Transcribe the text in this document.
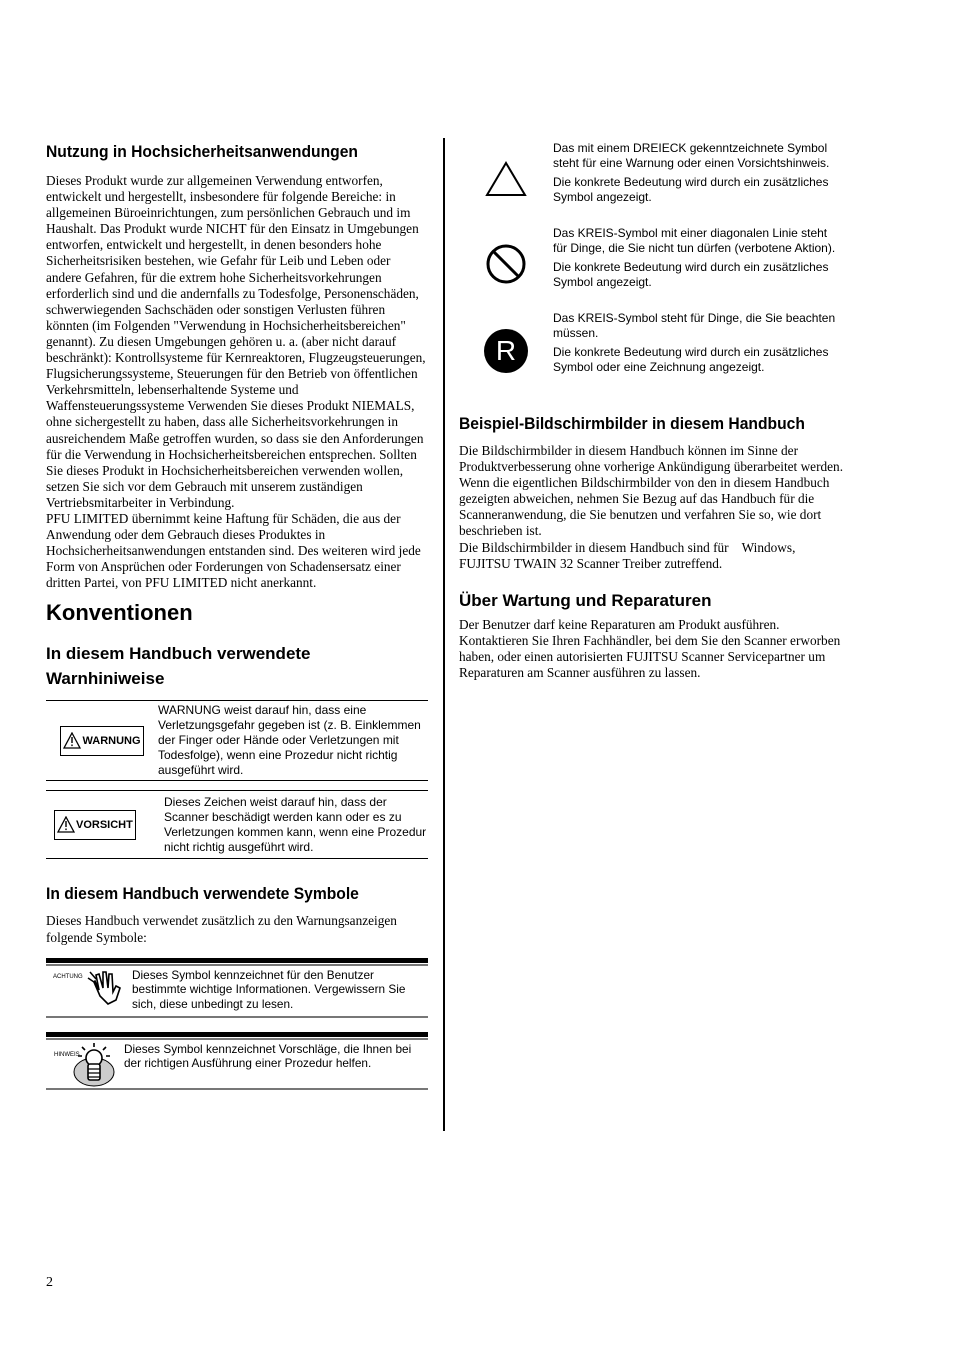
Nutzung in Hochsicherheitsanwendungen

Dieses Produkt wurde zur allgemeinen Verwendung entworfen, entwickelt und hergestellt, insbesondere für folgende Bereiche: in allgemeinen Büroeinrichtungen, zum persönlichen Gebrauch und im Haushalt. Das Produkt wurde NICHT für den Einsatz in Umgebungen entworfen, entwickelt und hergestellt, in denen besonders hohe Sicherheitsrisiken bestehen, wie Gefahr für Leib und Leben oder andere Gefahren, für die extrem hohe Sicherheitsvorkehrungen erforderlich sind und die andernfalls zu Todesfolge, Personenschäden, schwerwiegenden Sachschäden oder sonstigen Verlusten führen könnten (im Folgenden "Verwendung in Hochsicherheitsbereichen" genannt). Zu diesen Umgebungen gehören u. a. (aber nicht darauf beschränkt): Kontrollsysteme für Kernreaktoren, Flugzeugsteuerungen, Flugsicherungssysteme, Steuerungen für den Betrieb von öffentlichen Verkehrsmitteln, lebenserhaltende Systeme und Waffensteuerungssysteme Verwenden Sie dieses Produkt NIEMALS, ohne sichergestellt zu haben, dass alle Sicherheitsvorkehrungen in ausreichendem Maße getroffen wurden, so dass sie den Anforderungen für die Verwendung in Hochsicherheitsbereichen entsprechen. Sollten Sie dieses Produkt in Hochsicherheitsbereichen verwenden wollen, setzen Sie sich vor dem Gebrauch mit unserem zuständigen Vertriebsmitarbeiter in Verbindung.

PFU LIMITED übernimmt keine Haftung für Schäden, die aus der Anwendung oder dem Gebrauch dieses Produktes in Hochsicherheitsanwendungen entstanden sind. Des weiteren wird jede Form von Ansprüchen oder Forderungen von Schadensersatz einer dritten Partei, von PFU LIMITED nicht anerkannt.

Konventionen
In diesem Handbuch verwendete Warnhiniweise
WARNUNG
WARNUNG weist darauf hin, dass eine Verletzungsgefahr gegeben ist (z. B. Einklemmen der Finger oder Hände oder Verletzungen mit Todesfolge), wenn eine Prozedur nicht richtig ausgeführt wird.
VORSICHT
Dieses Zeichen weist darauf hin, dass der Scanner beschädigt werden kann oder es zu Verletzungen kommen kann, wenn eine Prozedur nicht richtig ausgeführt wird.
In diesem Handbuch verwendete Symbole

Dieses Handbuch verwendet zusätzlich zu den Warnungsanzeigen folgende Symbole:

ACHTUNG	Dieses Symbol kennzeichnet für den Benutzer bestimmte wichtige Informationen. Vergewissern Sie sich, diese unbedingt zu lesen.
HINWEIS	Dieses Symbol kennzeichnet Vorschläge, die Ihnen bei der richtigen Ausführung einer Prozedur helfen.

Das mit einem DREIECK gekenntzeichnete Symbol steht für eine Warnung oder einen Vorsichtshinweis.

Die konkrete Bedeutung wird durch ein zusätzliches Symbol angezeigt.

Das KREIS-Symbol mit einer diagonalen Linie steht für Dinge, die Sie nicht tun dürfen (verbotene Aktion).

Die konkrete Bedeutung wird durch ein zusätzliches Symbol angezeigt.

R

Das KREIS-Symbol steht für Dinge, die Sie beachten müssen.

Die konkrete Bedeutung wird durch ein zusätzliches Symbol oder eine Zeichnung angezeigt.

Beispiel-Bildschirmbilder in diesem Handbuch

Die Bildschirmbilder in diesem Handbuch können im Sinne der Produktverbesserung ohne vorherige Ankündigung überarbeitet werden. Wenn die eigentlichen Bildschirmbilder von den in diesem Handbuch gezeigten abweichen, nehmen Sie Bezug auf das Handbuch für die Scanneranwendung, die Sie benutzen und verfahren Sie so, wie dort beschrieben ist.

Die Bildschirmbilder in diesem Handbuch sind für    Windows, FUJITSU TWAIN 32 Scanner Treiber zutreffend.

Über Wartung und Reparaturen

Der Benutzer darf keine Reparaturen am Produkt ausführen. Kontaktieren Sie Ihren Fachhändler, bei dem Sie den Scanner erworben haben, oder einen autorisierten FUJITSU Scanner Servicepartner um Reparaturen am Scanner ausführen zu lassen.

2
